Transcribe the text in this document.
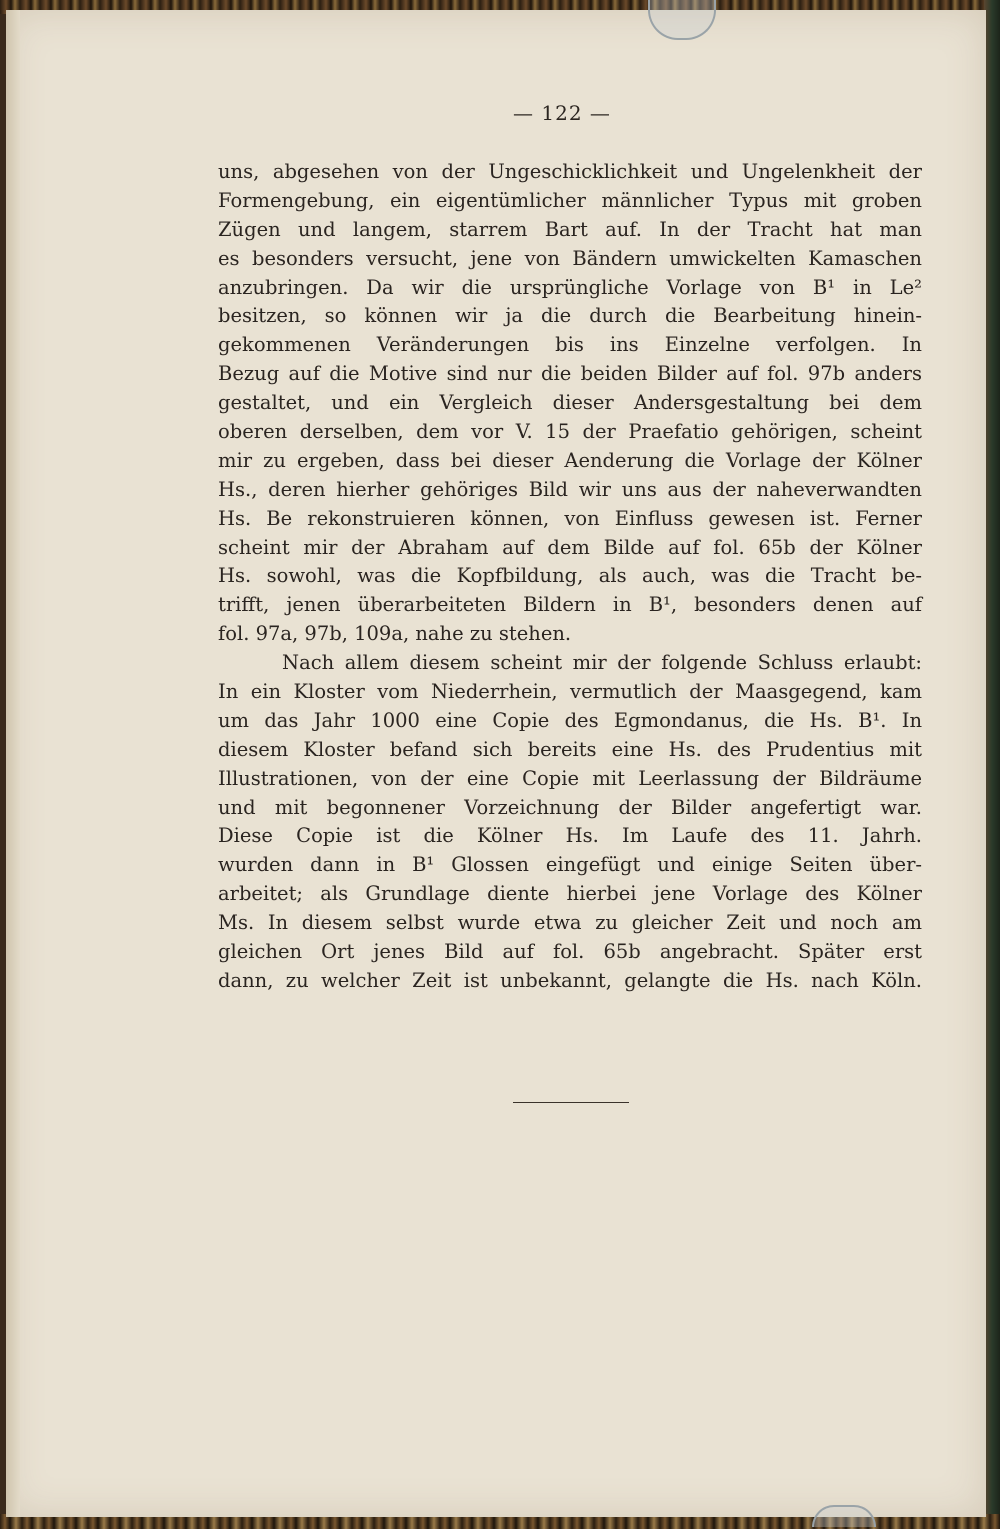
— 122 —
uns, abgesehen von der Ungeschicklichkeit und Ungelenkheit der
Formengebung, ein eigentümlicher männlicher Typus mit groben
Zügen und langem, starrem Bart auf. In der Tracht hat man
es besonders versucht, jene von Bändern umwickelten Kamaschen
anzubringen. Da wir die ursprüngliche Vorlage von B¹ in Le²
besitzen, so können wir ja die durch die Bearbeitung hinein-
gekommenen Veränderungen bis ins Einzelne verfolgen. In
Bezug auf die Motive sind nur die beiden Bilder auf fol. 97b anders
gestaltet, und ein Vergleich dieser Andersgestaltung bei dem
oberen derselben, dem vor V. 15 der Praefatio gehörigen, scheint
mir zu ergeben, dass bei dieser Aenderung die Vorlage der Kölner
Hs., deren hierher gehöriges Bild wir uns aus der naheverwandten
Hs. Be rekonstruieren können, von Einfluss gewesen ist. Ferner
scheint mir der Abraham auf dem Bilde auf fol. 65b der Kölner
Hs. sowohl, was die Kopfbildung, als auch, was die Tracht be-
trifft, jenen überarbeiteten Bildern in B¹, besonders denen auf
fol. 97a, 97b, 109a, nahe zu stehen.
Nach allem diesem scheint mir der folgende Schluss erlaubt:
In ein Kloster vom Niederrhein, vermutlich der Maasgegend, kam
um das Jahr 1000 eine Copie des Egmondanus, die Hs. B¹. In
diesem Kloster befand sich bereits eine Hs. des Prudentius mit
Illustrationen, von der eine Copie mit Leerlassung der Bildräume
und mit begonnener Vorzeichnung der Bilder angefertigt war.
Diese Copie ist die Kölner Hs. Im Laufe des 11. Jahrh.
wurden dann in B¹ Glossen eingefügt und einige Seiten über-
arbeitet; als Grundlage diente hierbei jene Vorlage des Kölner
Ms. In diesem selbst wurde etwa zu gleicher Zeit und noch am
gleichen Ort jenes Bild auf fol. 65b angebracht. Später erst
dann, zu welcher Zeit ist unbekannt, gelangte die Hs. nach Köln.
